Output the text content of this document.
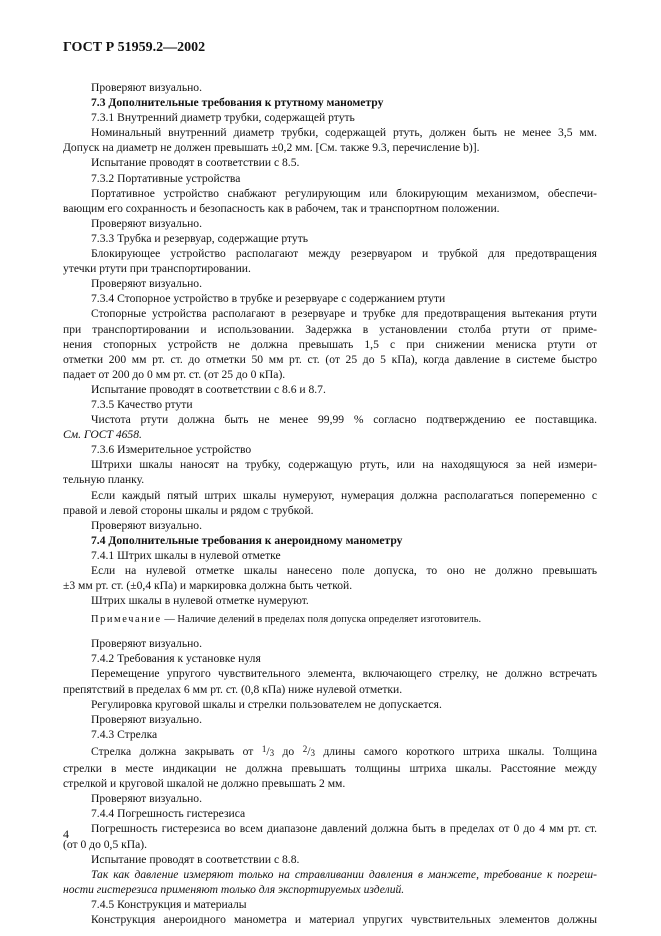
ГОСТ Р 51959.2—2002

Проверяют визуально.

7.3 Дополнительные требования к ртутному манометру

7.3.1 Внутренний диаметр трубки, содержащей ртуть

Номинальный внутренний диаметр трубки, содержащей ртуть, должен быть не менее 3,5 мм.

Допуск на диаметр не должен превышать ±0,2 мм. [См. также 9.3, перечисление b)].

Испытание проводят в соответствии с 8.5.

7.3.2 Портативные устройства

Портативное устройство снабжают регулирующим или блокирующим механизмом, обеспечи-

вающим его сохранность и безопасность как в рабочем, так и транспортном положении.

Проверяют визуально.

7.3.3 Трубка и резервуар, содержащие ртуть

Блокирующее устройство располагают между резервуаром и трубкой для предотвращения

утечки ртути при транспортировании.

Проверяют визуально.

7.3.4 Стопорное устройство в трубке и резервуаре с содержанием ртути

Стопорные устройства располагают в резервуаре и трубке для предотвращения вытекания ртути

при транспортировании и использовании. Задержка в установлении столба ртути от приме-

нения стопорных устройств не должна превышать 1,5 с при снижении мениска ртути от

отметки 200 мм рт. ст. до отметки 50 мм рт. ст. (от 25 до 5 кПа), когда давление в системе быстро

падает от 200 до 0 мм рт. ст. (от 25 до 0 кПа).

Испытание проводят в соответствии с 8.6 и 8.7.

7.3.5 Качество ртути

Чистота ртути должна быть не менее 99,99 % согласно подтверждению ее поставщика.

См. ГОСТ 4658.

7.3.6 Измерительное устройство

Штрихи шкалы наносят на трубку, содержащую ртуть, или на находящуюся за ней измери-

тельную планку.

Если каждый пятый штрих шкалы нумеруют, нумерация должна располагаться попеременно с

правой и левой стороны шкалы и рядом с трубкой.

Проверяют визуально.

7.4 Дополнительные требования к анероидному манометру

7.4.1 Штрих шкалы в нулевой отметке

Если на нулевой отметке шкалы нанесено поле допуска, то оно не должно превышать

±3 мм рт. ст. (±0,4 кПа) и маркировка должна быть четкой.

Штрих шкалы в нулевой отметке нумеруют.

Примечание — Наличие делений в пределах поля допуска определяет изготовитель.

Проверяют визуально.

7.4.2 Требования к установке нуля

Перемещение упругого чувствительного элемента, включающего стрелку, не должно встречать

препятствий в пределах 6 мм рт. ст. (0,8 кПа) ниже нулевой отметки.

Регулировка круговой шкалы и стрелки пользователем не допускается.

Проверяют визуально.

7.4.3 Стрелка

Стрелка должна закрывать от $^1/_3$ до $^2/_3$ длины самого короткого штриха шкалы. Толщина

стрелки в месте индикации не должна превышать толщины штриха шкалы. Расстояние между

стрелкой и круговой шкалой не должно превышать 2 мм.

Проверяют визуально.

7.4.4 Погрешность гистерезиса

Погрешность гистерезиса во всем диапазоне давлений должна быть в пределах от 0 до 4 мм рт. ст.

(от 0 до 0,5 кПа).

Испытание проводят в соответствии с 8.8.

Так как давление измеряют только на стравливании давления в манжете, требование к погреш-

ности гистерезиса применяют только для экспортируемых изделий.

7.4.5 Конструкция и материалы

Конструкция анероидного манометра и материал упругих чувствительных элементов должны

4
